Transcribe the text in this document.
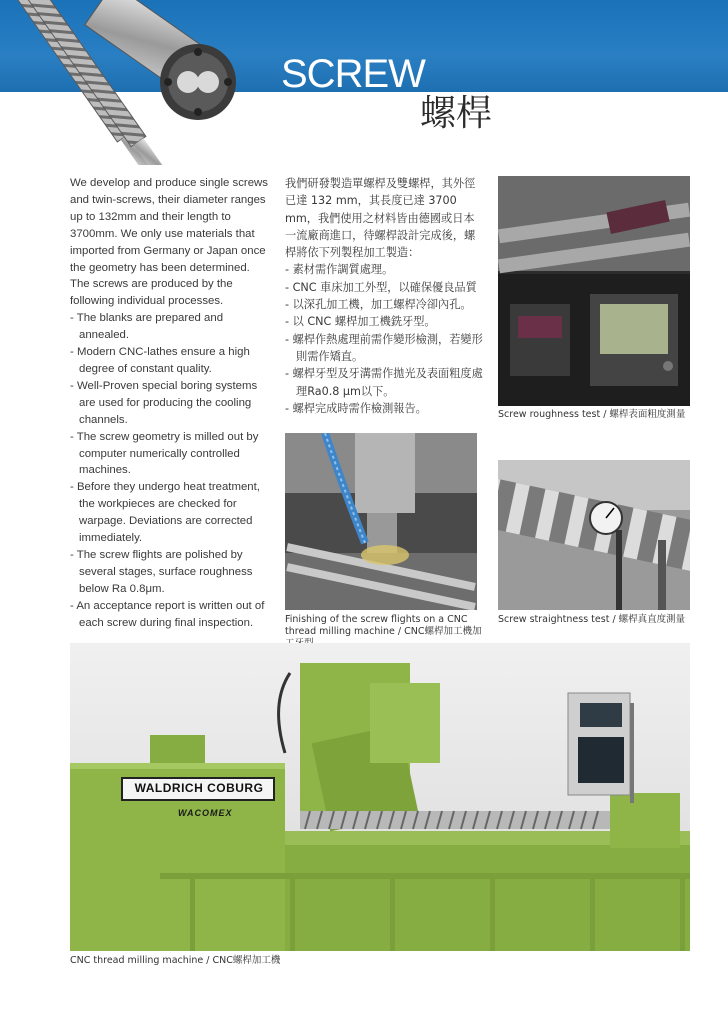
SCREW
螺桿

We develop and produce single screws and twin-screws, their diameter ranges up to 132mm and their length to 3700mm. We only use materials that imported from Germany or Japan once the geometry has been determined.

The screws are produced by the following individual processes.

- The blanks are prepared and annealed.
- Modern CNC-lathes ensure a high degree of constant quality.
- Well-Proven special boring systems are used for producing the cooling channels.
- The screw geometry is milled out by computer numerically controlled machines.
- Before they undergo heat treatment, the workpieces are checked for warpage. Deviations are corrected immediately.
- The screw flights are polished by several stages, surface roughness below Ra 0.8μm.
- An acceptance report is written out of each screw during final inspection.

我們研發製造單螺桿及雙螺桿，其外徑已達 132 mm，其長度已達 3700 mm，我們使用之材料皆由德國或日本一流廠商進口，待螺桿設計完成後，螺桿將依下列製程加工製造：

- 素材需作調質處理。
- CNC 車床加工外型，以確保優良品質
- 以深孔加工機，加工螺桿冷卻內孔。
- 以 CNC 螺桿加工機銑牙型。
- 螺桿作熱處理前需作變形檢測，若變形則需作矯直。
- 螺桿牙型及牙溝需作拋光及表面粗度處理Ra0.8 μm以下。
- 螺桿完成時需作檢測報告。	Screw roughness test / 螺桿表面粗度測量
Finishing of the screw flights on a CNC thread milling machine / CNC螺桿加工機加
Screw straightness test / 螺桿真直度測量
WALDRICH COBURG
WACOMEX
CNC thread milling machine / CNC螺桿加工機
